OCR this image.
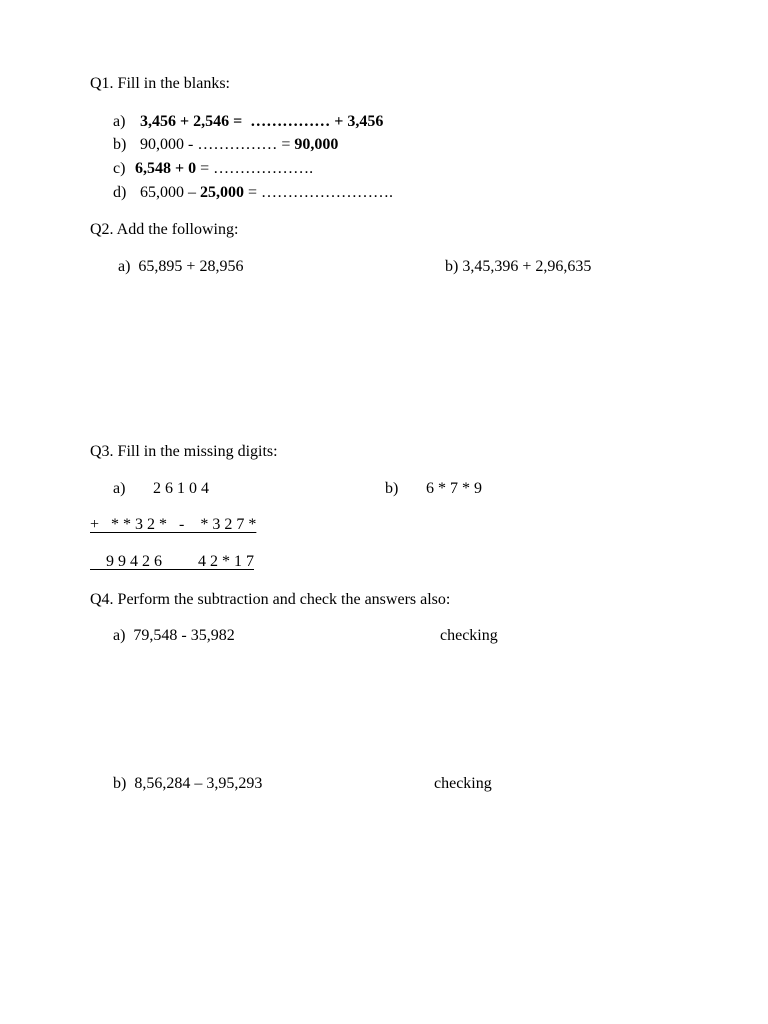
Q1. Fill in the blanks:
a) 3,456 + 2,546 = …………… + 3,456
b) 90,000 - …………… = 90,000
c) 6,548 + 0 = ……………….
d) 65,000 – 25,000 = …………………….
Q2. Add the following:
a)  65,895 + 28,956	b) 3,45,396 + 2,96,635
Q3. Fill in the missing digits:
a) 2 6 1 0 4	b) 6 * 7 * 9
+   * * 3 2 *   -    * 3 2 7 *
9 9 4 2 6         4 2 * 1 7
Q4. Perform the subtraction and check the answers also:
a)  79,548 - 35,982	checking
b)  8,56,284 – 3,95,293	checking
